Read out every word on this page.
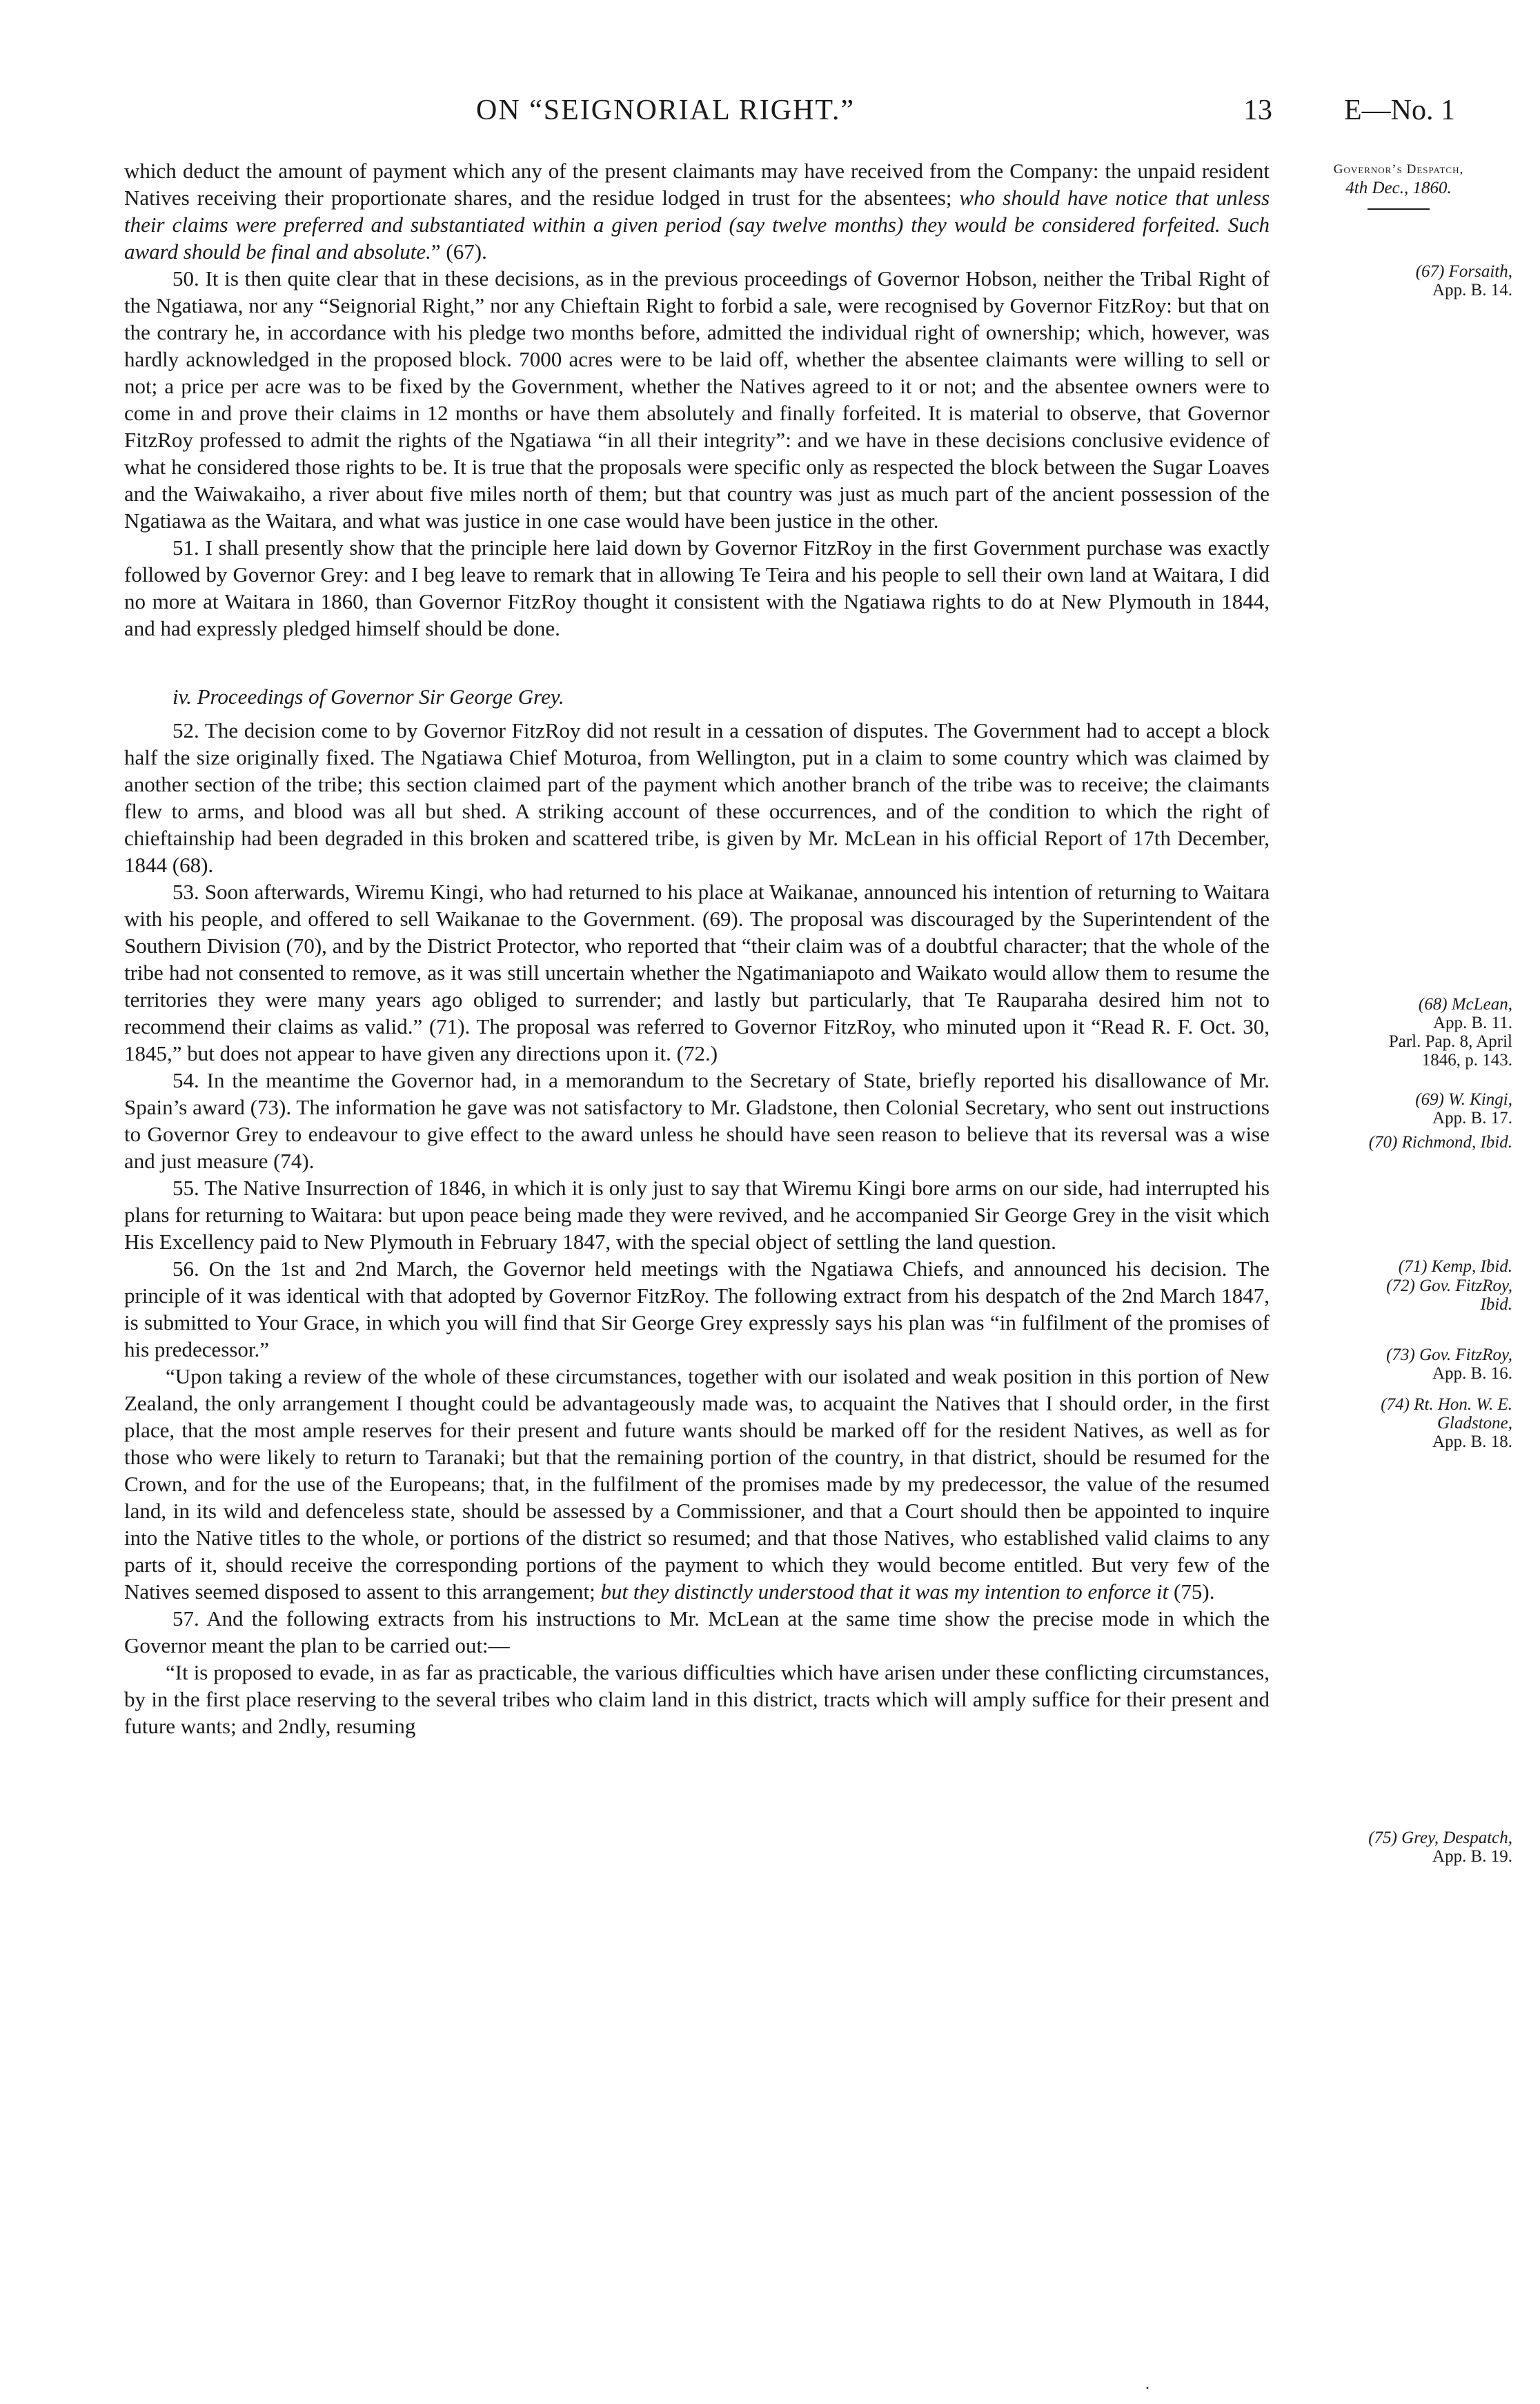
ON “SEIGNORIAL RIGHT.”	13 E—No. 1

which deduct the amount of payment which any of the present claimants may have received from the Company: the unpaid resident Natives receiving their proportionate shares, and the residue lodged in trust for the absentees; who should have notice that unless their claims were preferred and substantiated within a given period (say twelve months) they would be considered forfeited. Such award should be final and absolute.” (67).

50. It is then quite clear that in these decisions, as in the previous proceedings of Governor Hobson, neither the Tribal Right of the Ngatiawa, nor any “Seignorial Right,” nor any Chieftain Right to forbid a sale, were recognised by Governor FitzRoy: but that on the contrary he, in accordance with his pledge two months before, admitted the individual right of ownership; which, however, was hardly acknowledged in the proposed block. 7000 acres were to be laid off, whether the absentee claimants were willing to sell or not; a price per acre was to be fixed by the Government, whether the Natives agreed to it or not; and the absentee owners were to come in and prove their claims in 12 months or have them absolutely and finally forfeited. It is material to observe, that Governor FitzRoy professed to admit the rights of the Ngatiawa “in all their integrity”: and we have in these decisions conclusive evidence of what he considered those rights to be. It is true that the proposals were specific only as respected the block between the Sugar Loaves and the Waiwakaiho, a river about five miles north of them; but that country was just as much part of the ancient possession of the Ngatiawa as the Waitara, and what was justice in one case would have been justice in the other.

51. I shall presently show that the principle here laid down by Governor FitzRoy in the first Government purchase was exactly followed by Governor Grey: and I beg leave to remark that in allowing Te Teira and his people to sell their own land at Waitara, I did no more at Waitara in 1860, than Governor FitzRoy thought it consistent with the Ngatiawa rights to do at New Plymouth in 1844, and had expressly pledged himself should be done.

iv. Proceedings of Governor Sir George Grey.

52. The decision come to by Governor FitzRoy did not result in a cessation of disputes. The Government had to accept a block half the size originally fixed. The Ngatiawa Chief Moturoa, from Wellington, put in a claim to some country which was claimed by another section of the tribe; this section claimed part of the payment which another branch of the tribe was to receive; the claimants flew to arms, and blood was all but shed. A striking account of these occurrences, and of the condition to which the right of chieftainship had been degraded in this broken and scattered tribe, is given by Mr. McLean in his official Report of 17th December, 1844 (68).

53. Soon afterwards, Wiremu Kingi, who had returned to his place at Waikanae, announced his intention of returning to Waitara with his people, and offered to sell Waikanae to the Government. (69). The proposal was discouraged by the Superintendent of the Southern Division (70), and by the District Protector, who reported that “their claim was of a doubtful character; that the whole of the tribe had not consented to remove, as it was still uncertain whether the Ngatimaniapoto and Waikato would allow them to resume the territories they were many years ago obliged to surrender; and lastly but particularly, that Te Rauparaha desired him not to recommend their claims as valid.” (71). The proposal was referred to Governor FitzRoy, who minuted upon it “Read R. F. Oct. 30, 1845,” but does not appear to have given any directions upon it. (72.)

54. In the meantime the Governor had, in a memorandum to the Secretary of State, briefly reported his disallowance of Mr. Spain’s award (73). The information he gave was not satisfactory to Mr. Gladstone, then Colonial Secretary, who sent out instructions to Governor Grey to endeavour to give effect to the award unless he should have seen reason to believe that its reversal was a wise and just measure (74).

55. The Native Insurrection of 1846, in which it is only just to say that Wiremu Kingi bore arms on our side, had interrupted his plans for returning to Waitara: but upon peace being made they were revived, and he accompanied Sir George Grey in the visit which His Excellency paid to New Plymouth in February 1847, with the special object of settling the land question.

56. On the 1st and 2nd March, the Governor held meetings with the Ngatiawa Chiefs, and announced his decision. The principle of it was identical with that adopted by Governor FitzRoy. The following extract from his despatch of the 2nd March 1847, is submitted to Your Grace, in which you will find that Sir George Grey expressly says his plan was “in fulfilment of the promises of his predecessor.”

“Upon taking a review of the whole of these circumstances, together with our isolated and weak position in this portion of New Zealand, the only arrangement I thought could be advantageously made was, to acquaint the Natives that I should order, in the first place, that the most ample reserves for their present and future wants should be marked off for the resident Natives, as well as for those who were likely to return to Taranaki; but that the remaining portion of the country, in that district, should be resumed for the Crown, and for the use of the Europeans; that, in the fulfilment of the promises made by my predecessor, the value of the resumed land, in its wild and defenceless state, should be assessed by a Commissioner, and that a Court should then be appointed to inquire into the Native titles to the whole, or portions of the district so resumed; and that those Natives, who established valid claims to any parts of it, should receive the corresponding portions of the payment to which they would become entitled. But very few of the Natives seemed disposed to assent to this arrangement; but they distinctly understood that it was my intention to enforce it (75).

57. And the following extracts from his instructions to Mr. McLean at the same time show the precise mode in which the Governor meant the plan to be carried out:—

“It is proposed to evade, in as far as practicable, the various difficulties which have arisen under these conflicting circumstances, by in the first place reserving to the several tribes who claim land in this district, tracts which will amply suffice for their present and future wants; and 2ndly, resuming

Governor’s Despatch,
4th Dec., 1860.
(67) Forsaith,
App. B. 14.
(68) McLean,
App. B. 11.
Parl. Pap. 8, April
1846, p. 143.
(69) W. Kingi,
App. B. 17.
(70) Richmond, Ibid.
(71) Kemp, Ibid.
(72) Gov. FitzRoy,
Ibid.
(73) Gov. FitzRoy,
App. B. 16.
(74) Rt. Hon. W. E.
Gladstone,
App. B. 18.
(75) Grey, Despatch,
App. B. 19.
.
